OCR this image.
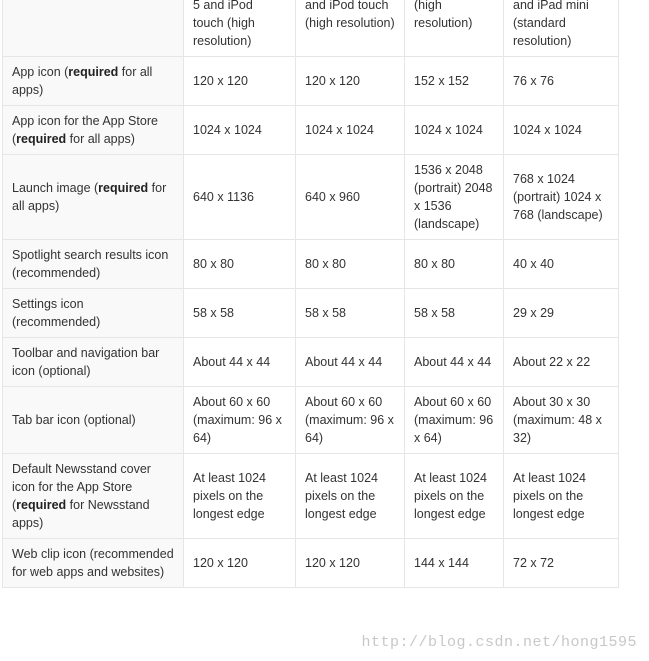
	5 and iPod touch (high resolution)	and iPod touch (high resolution)	(high resolution)	and iPad mini (standard resolution)
App icon (required for all apps)	120 x 120	120 x 120	152 x 152	76 x 76
App icon for the App Store (required for all apps)	1024 x 1024	1024 x 1024	1024 x 1024	1024 x 1024
Launch image (required for all apps)	640 x 1136	640 x 960	1536 x 2048 (portrait) 2048 x 1536 (landscape)	768 x 1024 (portrait) 1024 x 768 (landscape)
Spotlight search results icon (recommended)	80 x 80	80 x 80	80 x 80	40 x 40
Settings icon (recommended)	58 x 58	58 x 58	58 x 58	29 x 29
Toolbar and navigation bar icon (optional)	About 44 x 44	About 44 x 44	About 44 x 44	About 22 x 22
Tab bar icon (optional)	About 60 x 60 (maximum: 96 x 64)	About 60 x 60 (maximum: 96 x 64)	About 60 x 60 (maximum: 96 x 64)	About 30 x 30 (maximum: 48 x 32)
Default Newsstand cover icon for the App Store (required for Newsstand apps)	At least 1024 pixels on the longest edge	At least 1024 pixels on the longest edge	At least 1024 pixels on the longest edge	At least 1024 pixels on the longest edge
Web clip icon (recommended for web apps and websites)	120 x 120	120 x 120	144 x 144	72 x 72
http://blog.csdn.net/hong1595
